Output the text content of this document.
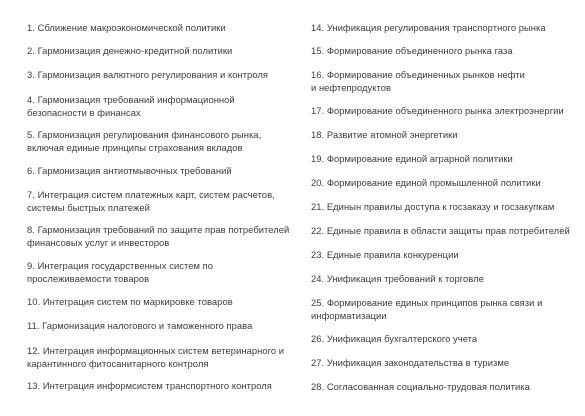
1. Сближение макроэкономической политики

2. Гармонизация денежно-кредитной политики

3. Гармонизация валютного регулирования и контроля

4. Гармонизация требований информационной
безопасности в финансах

5. Гармонизация регулирования финансового рынка,
включая единые принципы страхования вкладов

6. Гармонизация антиотмывочных требований

7. Интеграция систем платежных карт, систем расчетов,
системы быстрых платежей

8. Гармонизация требований по защите прав потребителей
финансовых услуг и инвесторов

9. Интеграция государственных систем по
прослеживаемости товаров

10. Интеграция систем по маркировке товаров

11. Гармонизация налогового и таможенного права

12. Интеграция информационных систем ветеринарного и
карантинного фитосанитарного контроля

13. Интеграция информсистем транспортного контроля

14. Унификация регулирования транспортного рынка

15. Формирование объединенного рынка газа

16. Формирование объединенных рынков нефти
и нефтепродуктов

17. Формирование объединенного рынка электроэнергии

18. Развитие атомной энергетики

19. Формирование единой аграрной политики

20. Формирование единой промышленной политики

21. Единын правилы доступа к госзаказу и госзакупкам

22. Единые правила в области защиты прав потребителей

23. Единые правила конкуренции

24. Унификация требований к торговле

25. Формирование единых принципов рынка связи и
информатизации

26. Унификация бухгалтерского учета

27. Унификация законодательства в туризме

28. Согласованная социально-трудовая политика
